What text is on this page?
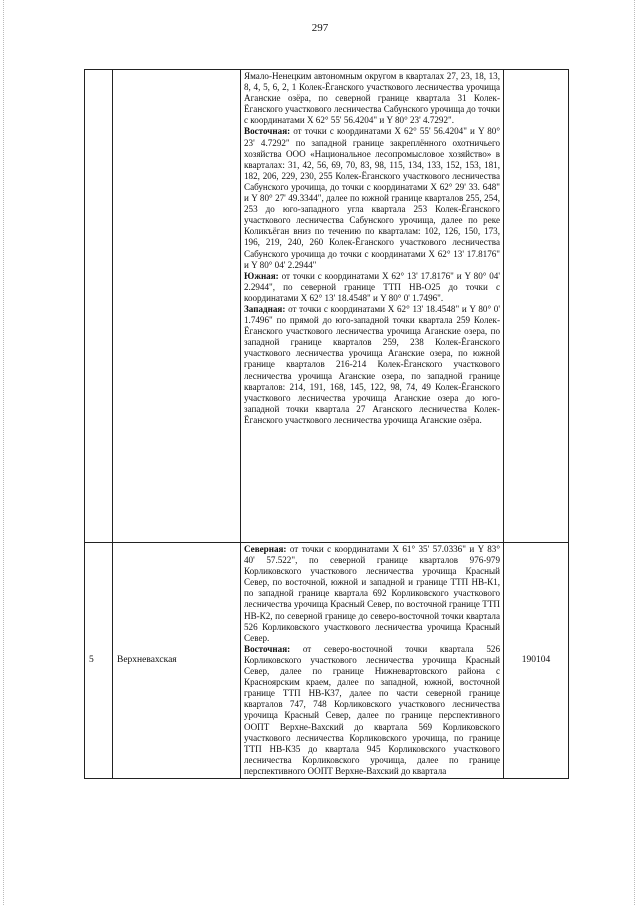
297

		Ямало-Ненецким автономным округом в кварталах 27, 23, 18, 13, 8, 4, 5, 6, 2, 1 Колек-Ёганского участкового лесничества урочища Аганские озёра, по северной границе квартала 31 Колек-Ёганского участкового лесничества Сабунского урочища до точки с координатами X 62° 55' 56.4204" и Y 80° 23' 4.7292".

Восточная: от точки с координатами X 62° 55' 56.4204" и Y 80° 23' 4.7292" по западной границе закреплённого охотничьего хозяйства ООО «Национальное лесопромысловое хозяйство» в кварталах: 31, 42, 56, 69, 70, 83, 98, 115, 134, 133, 152, 153, 181, 182, 206, 229, 230, 255 Колек-Ёганского участкового лесничества Сабунского урочища, до точки с координатами X 62° 29' 33. 648" и Y 80° 27' 49.3344", далее по южной границе кварталов 255, 254, 253 до юго-западного угла квартала 253 Колек-Ёганского участкового лесничества Сабунского урочища, далее по реке Коликъёган вниз по течению по кварталам: 102, 126, 150, 173, 196, 219, 240, 260 Колек-Ёганского участкового лесничества Сабунского урочища до точки с координатами X 62° 13' 17.8176" и Y 80° 04' 2.2944"

Южная: от точки с координатами X 62° 13' 17.8176" и Y 80° 04' 2.2944", по северной границе ТТП НВ-О25 до точки с координатами X 62° 13' 18.4548" и Y 80° 0' 1.7496".

Западная: от точки с координатами X 62° 13' 18.4548" и Y 80° 0' 1.7496" по прямой до юго-западной точки квартала 259 Колек-Ёганского участкового лесничества урочища Аганские озера, по западной границе кварталов 259, 238 Колек-Ёганского участкового лесничества урочища Аганские озера, по южной границе кварталов 216-214 Колек-Ёганского участкового лесничества урочища Аганские озера, по западной границе кварталов: 214, 191, 168, 145, 122, 98, 74, 49 Колек-Ёганского участкового лесничества урочища Аганские озера до юго-западной точки квартала 27 Аганского лесничества Колек-Ёганского участкового лесничества урочища Аганские озёра.	

5	Верхневахская	Северная: от точки с координатами X 61° 35' 57.0336" и Y 83° 40' 57.522", по северной границе кварталов 976-979 Корликовского участкового лесничества урочища Красный Север, по восточной, южной и западной и границе ТТП НВ-К1, по западной границе квартала 692 Корликовского участкового лесничества урочища Красный Север, по восточной границе ТТП НВ-К2, по северной границе до северо-восточной точки квартала 526 Корликовского участкового лесничества урочища Красный Север.

Восточная: от северо-восточной точки квартала 526 Корликовского участкового лесничества урочища Красный Север, далее по границе Нижневартовского района с Красноярским краем, далее по западной, южной, восточной границе ТТП НВ-К37, далее по части северной границе кварталов 747, 748 Корликовского участкового лесничества урочища Красный Север, далее по границе перспективного ООПТ Верхне-Вахский до квартала 569 Корликовского участкового лесничества Корликовского урочища, по границе ТТП НВ-К35 до квартала 945 Корликовского участкового лесничества Корликовского урочища, далее по границе перспективного ООПТ Верхне-Вахский до квартала	190104
